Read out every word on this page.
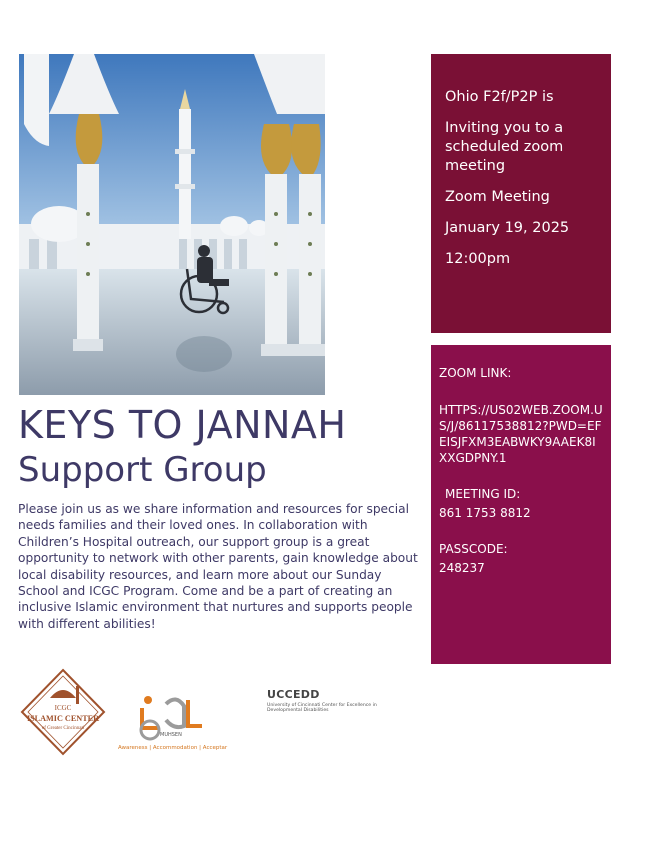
Ohio F2f/P2P is

Inviting you to a scheduled zoom meeting

Zoom Meeting

January 19, 2025

12:00pm

ZOOM LINK:

HTTPS://US02WEB.ZOOM.US/J/86117538812?PWD=EFEISJFXM3EABWKY9AAEK8IXXGDPNY.1

MEETING ID:

861 1753 8812

PASSCODE:

248237

KEYS TO JANNAH
Support Group
Please join us as we share information and resources for special needs families and their loved ones. In collaboration with Children’s Hospital outreach, our support group is a great opportunity to network with other parents, gain knowledge about local disability resources, and learn more about our Sunday School and ICGC Program. Come and be a part of creating an inclusive Islamic environment that nurtures and supports people with different abilities!
ICGC
ISLAMIC CENTER
of Greater Cincinnati
MUHSEN
Awareness | Accommodation | Acceptar
UCCEDD
University of Cincinnati Center for Excellence in Developmental Disabilities
